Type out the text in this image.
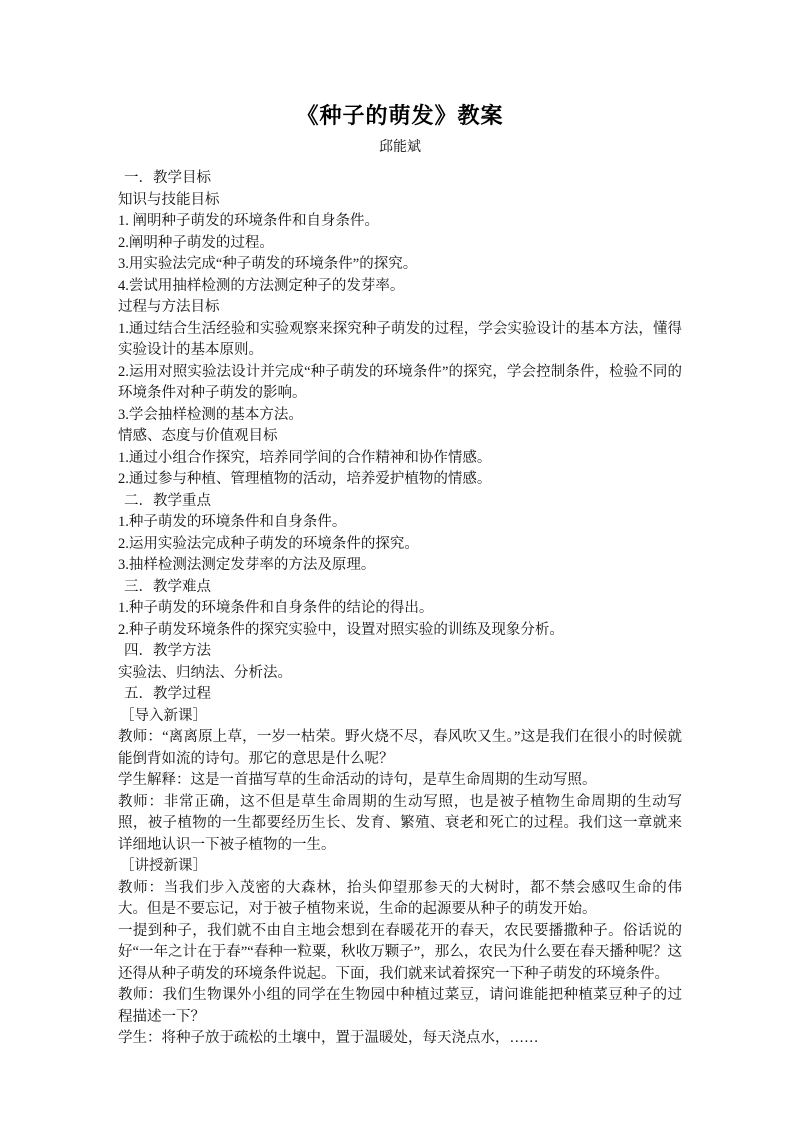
《种子的萌发》教案
邱能斌

一．教学目标

知识与技能目标

1. 阐明种子萌发的环境条件和自身条件。

2.阐明种子萌发的过程。

3.用实验法完成“种子萌发的环境条件”的探究。

4.尝试用抽样检测的方法测定种子的发芽率。

过程与方法目标

1.通过结合生活经验和实验观察来探究种子萌发的过程，学会实验设计的基本方法，懂得实验设计的基本原则。

2.运用对照实验法设计并完成“种子萌发的环境条件”的探究，学会控制条件，检验不同的环境条件对种子萌发的影响。

3.学会抽样检测的基本方法。

情感、态度与价值观目标

1.通过小组合作探究，培养同学间的合作精神和协作情感。

2.通过参与种植、管理植物的活动，培养爱护植物的情感。

二．教学重点

1.种子萌发的环境条件和自身条件。

2.运用实验法完成种子萌发的环境条件的探究。

3.抽样检测法测定发芽率的方法及原理。

三．教学难点

1.种子萌发的环境条件和自身条件的结论的得出。

2.种子萌发环境条件的探究实验中，设置对照实验的训练及现象分析。

四．教学方法

实验法、归纳法、分析法。

五．教学过程

［导入新课］

教师：“离离原上草，一岁一枯荣。野火烧不尽，春风吹又生。”这是我们在很小的时候就能倒背如流的诗句。那它的意思是什么呢？

学生解释：这是一首描写草的生命活动的诗句，是草生命周期的生动写照。

教师：非常正确，这不但是草生命周期的生动写照，也是被子植物生命周期的生动写照，被子植物的一生都要经历生长、发育、繁殖、衰老和死亡的过程。我们这一章就来详细地认识一下被子植物的一生。

［讲授新课］

教师：当我们步入茂密的大森林，抬头仰望那参天的大树时，都不禁会感叹生命的伟大。但是不要忘记，对于被子植物来说，生命的起源要从种子的萌发开始。

一提到种子，我们就不由自主地会想到在春暖花开的春天，农民要播撒种子。俗话说的好“一年之计在于春”“春种一粒粟，秋收万颗子”，那么，农民为什么要在春天播种呢？这还得从种子萌发的环境条件说起。下面，我们就来试着探究一下种子萌发的环境条件。

教师：我们生物课外小组的同学在生物园中种植过菜豆，请问谁能把种植菜豆种子的过程描述一下？

学生：将种子放于疏松的土壤中，置于温暖处，每天浇点水，……
